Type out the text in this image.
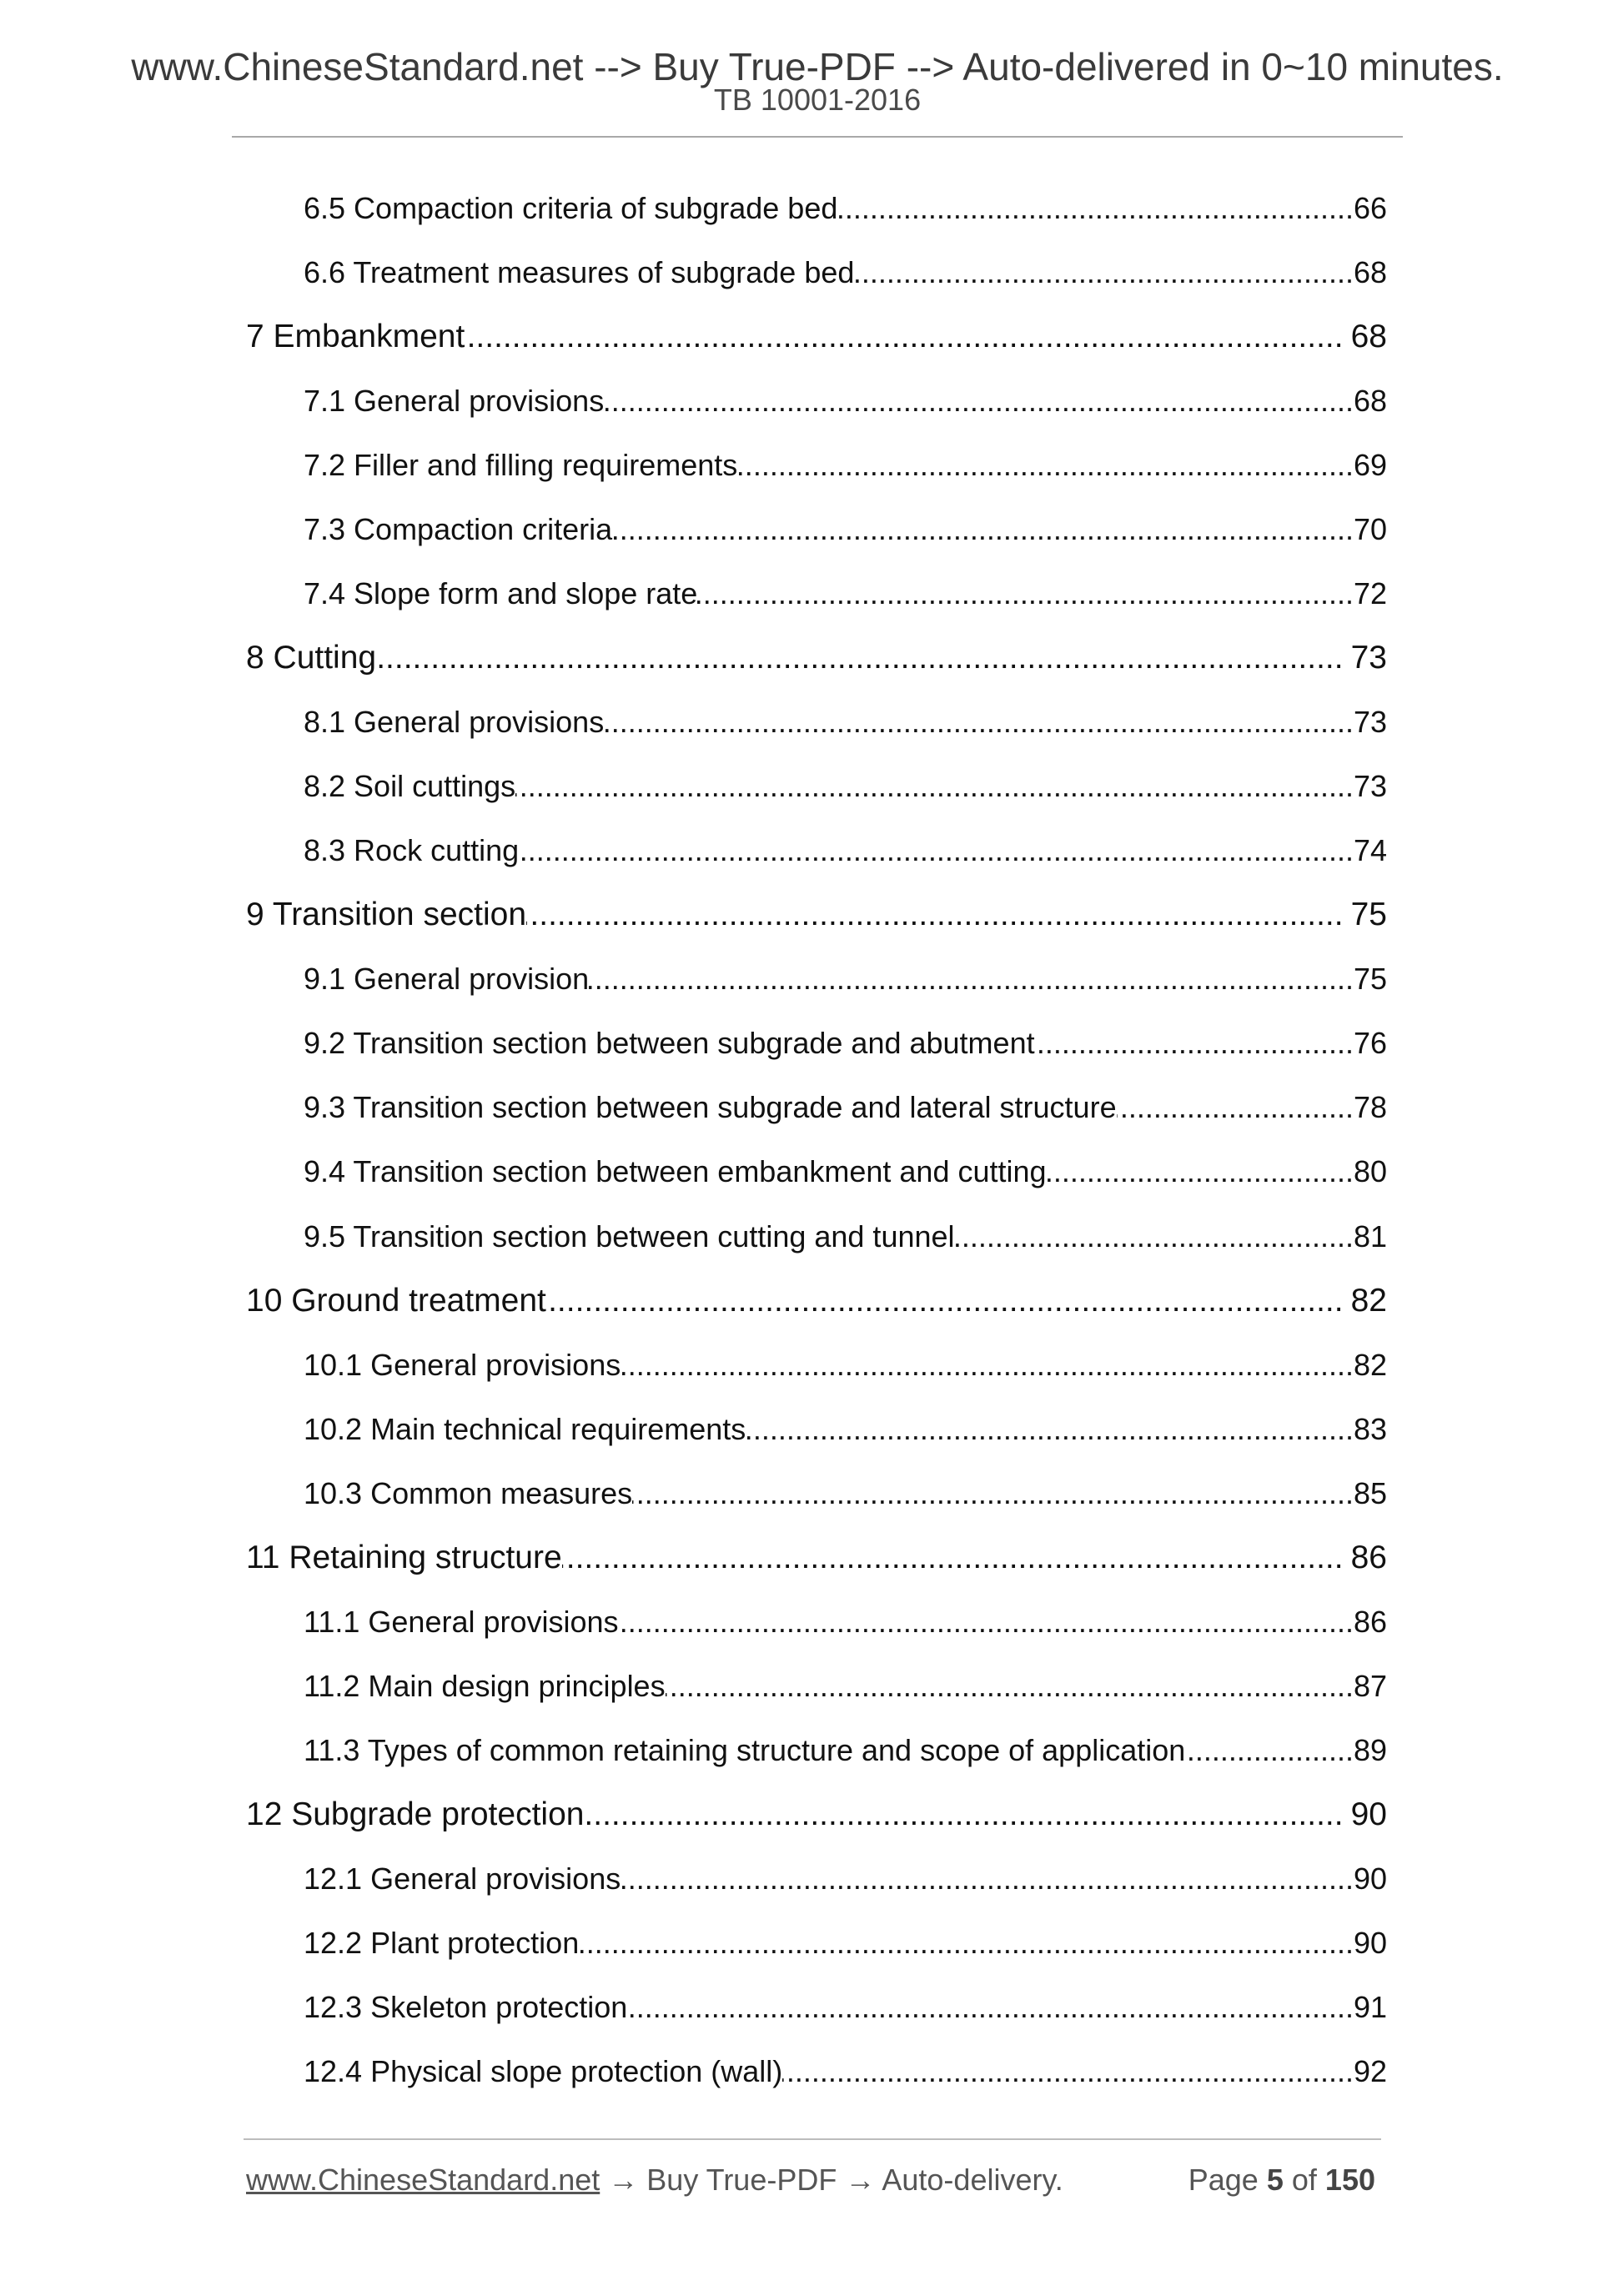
www.ChineseStandard.net --> Buy True-PDF --> Auto-delivered in 0~10 minutes.
TB 10001-2016
6.5 Compaction criteria of subgrade bed .....	66
6.6 Treatment measures of subgrade bed .....	68
7 Embankment .....	68
7.1 General provisions .....	68
7.2 Filler and filling requirements .....	69
7.3 Compaction criteria .....	70
7.4 Slope form and slope rate .....	72
8 Cutting .....	73
8.1 General provisions .....	73
8.2 Soil cuttings .....	73
8.3 Rock cutting .....	74
9 Transition section .....	75
9.1 General provision .....	75
9.2 Transition section between subgrade and abutment .....	76
9.3 Transition section between subgrade and lateral structure .....	78
9.4 Transition section between embankment and cutting .....	80
9.5 Transition section between cutting and tunnel .....	81
10 Ground treatment .....	82
10.1 General provisions .....	82
10.2 Main technical requirements .....	83
10.3 Common measures .....	85
11 Retaining structure .....	86
11.1 General provisions .....	86
11.2 Main design principles .....	87
11.3 Types of common retaining structure and scope of application .....	89
12 Subgrade protection .....	90
12.1 General provisions .....	90
12.2 Plant protection .....	90
12.3 Skeleton protection .....	91
12.4 Physical slope protection (wall) .....	92
www.ChineseStandard.net → Buy True-PDF → Auto-delivery.	Page 5 of 150
